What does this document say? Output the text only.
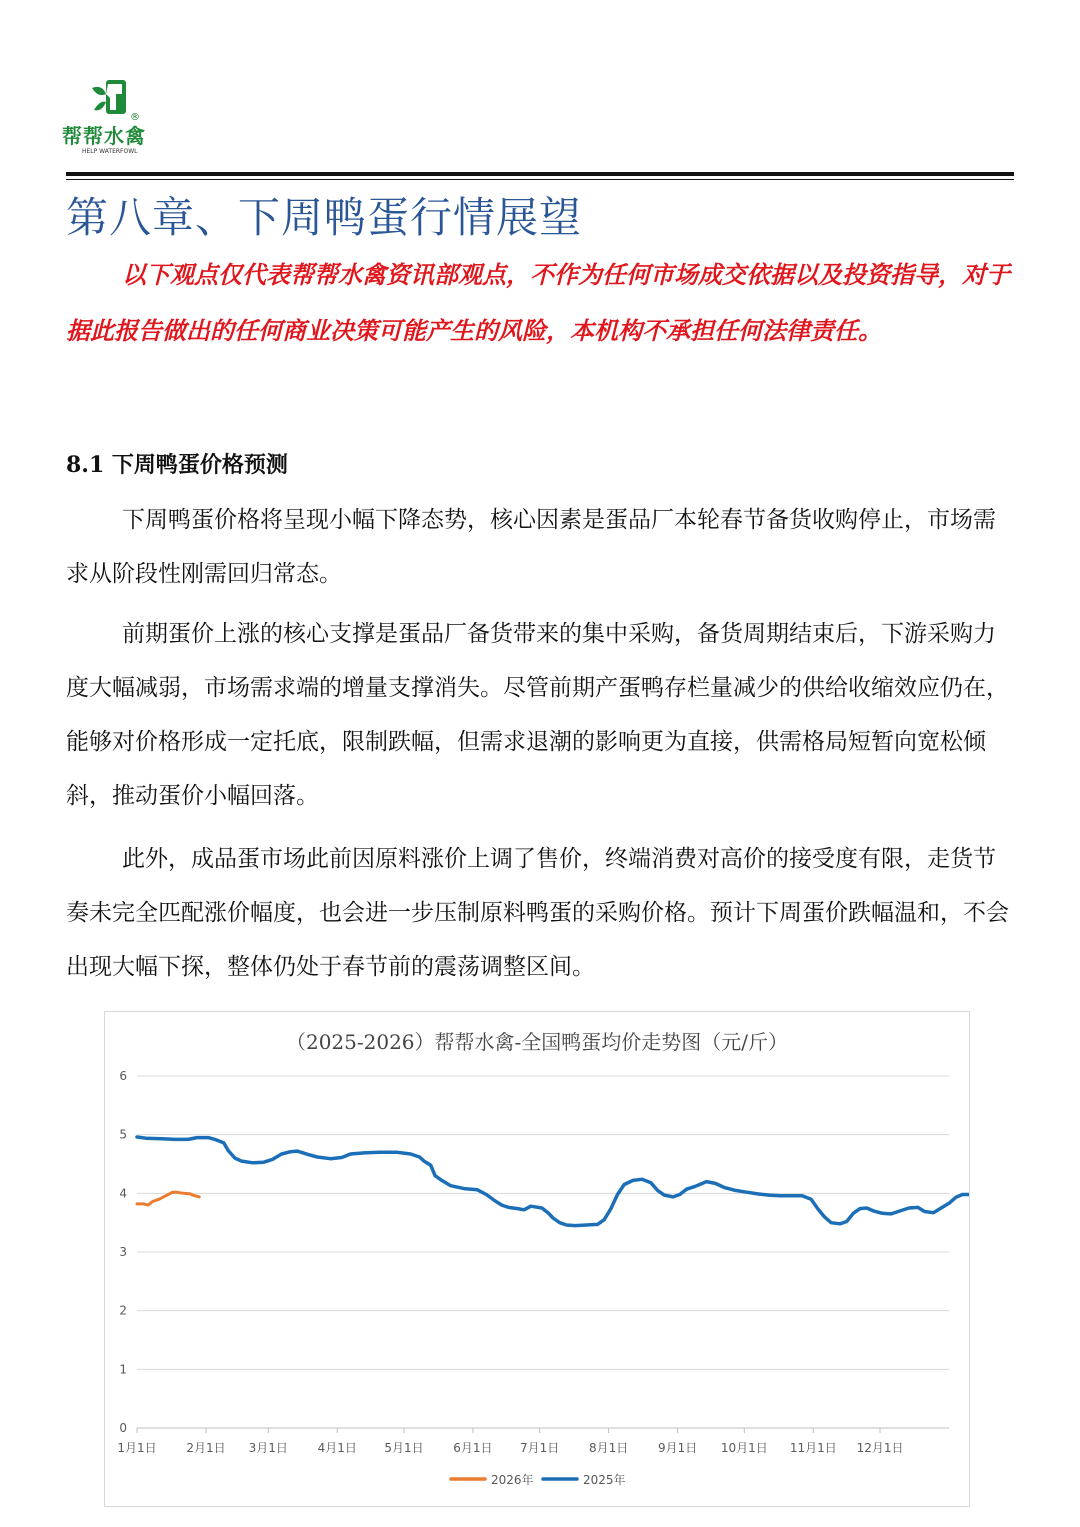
®
帮帮水禽
HELP WATERFOWL
第八章、下周鸭蛋行情展望
以下观点仅代表帮帮水禽资讯部观点，不作为任何市场成交依据以及投资指导，对于据此报告做出的任何商业决策可能产生的风险，本机构不承担任何法律责任。
8.1 下周鸭蛋价格预测
下周鸭蛋价格将呈现小幅下降态势，核心因素是蛋品厂本轮春节备货收购停止，市场需求从阶段性刚需回归常态。
前期蛋价上涨的核心支撑是蛋品厂备货带来的集中采购，备货周期结束后，下游采购力度大幅减弱，市场需求端的增量支撑消失。尽管前期产蛋鸭存栏量减少的供给收缩效应仍在，能够对价格形成一定托底，限制跌幅，但需求退潮的影响更为直接，供需格局短暂向宽松倾斜，推动蛋价小幅回落。
此外，成品蛋市场此前因原料涨价上调了售价，终端消费对高价的接受度有限，走货节奏未完全匹配涨价幅度，也会进一步压制原料鸭蛋的采购价格。预计下周蛋价跌幅温和，不会出现大幅下探，整体仍处于春节前的震荡调整区间。
（2025-2026）帮帮水禽-全国鸭蛋均价走势图（元/斤）
0
1
2
3
4
5
6
1月1日 2月1日 3月1日 4月1日 5月1日 6月1日 7月1日 8月1日 9月1日 10月1日 11月1日 12月1日
2026年	2025年
